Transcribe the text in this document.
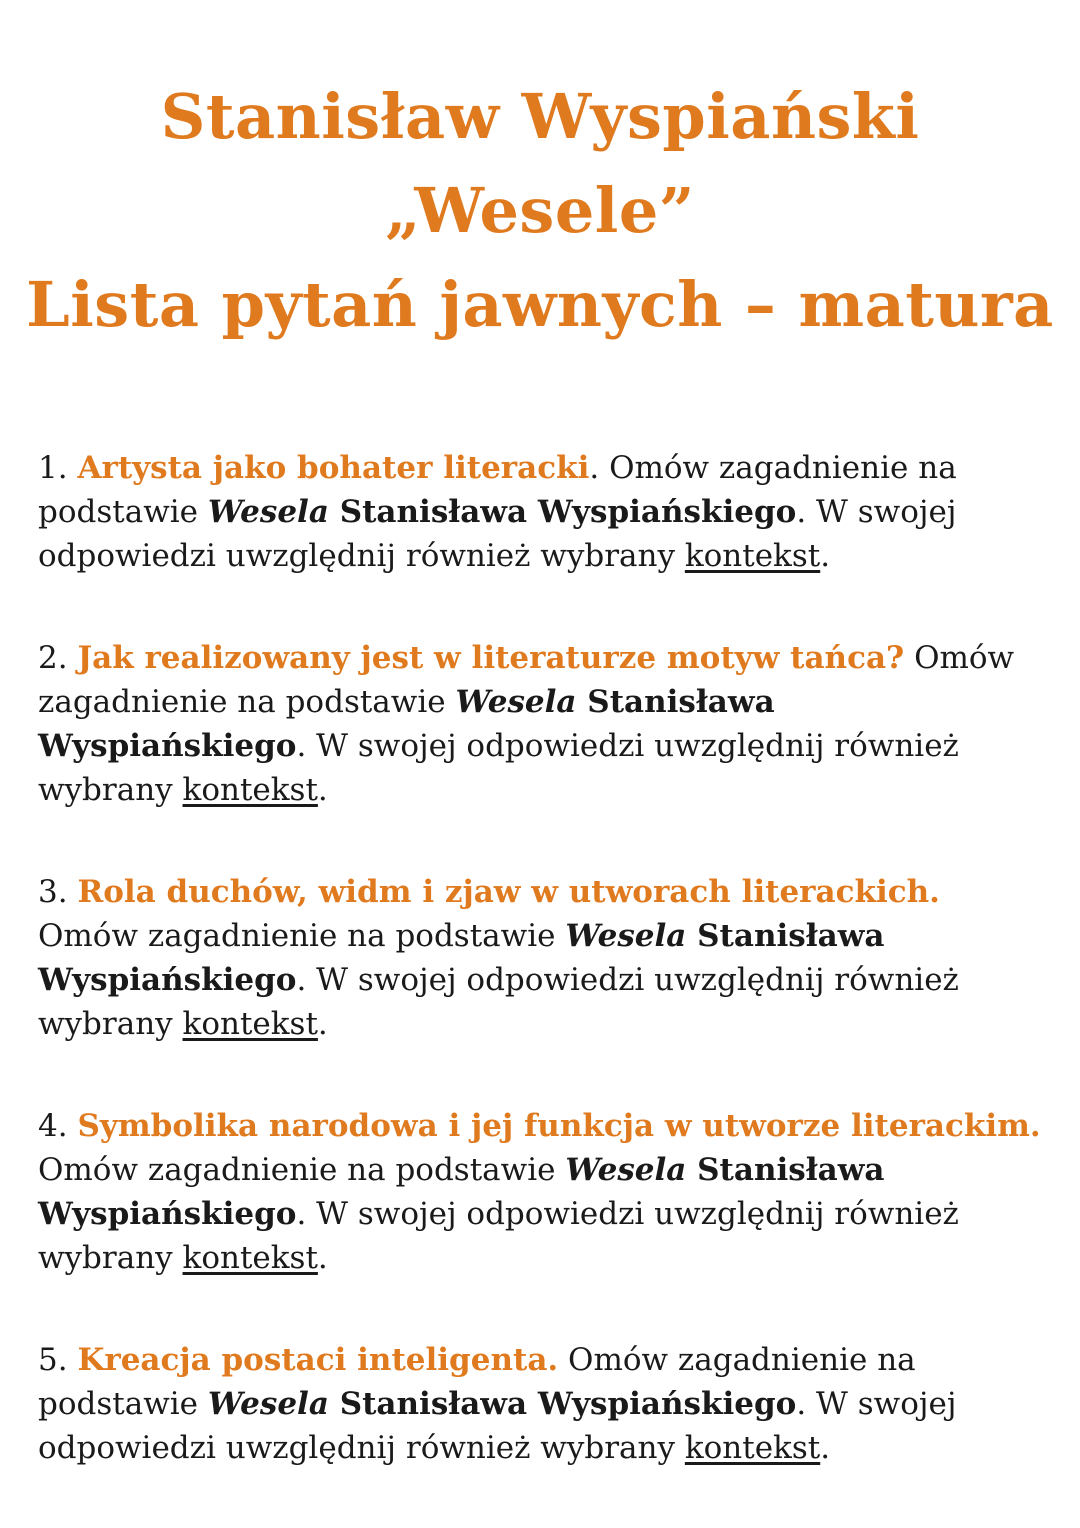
Stanisław Wyspiański
„Wesele”
Lista pytań jawnych – matura

1. Artysta jako bohater literacki. Omów zagadnienie na podstawie Wesela Stanisława Wyspiańskiego. W swojej odpowiedzi uwzględnij również wybrany kontekst.

2. Jak realizowany jest w literaturze motyw tańca? Omów zagadnienie na podstawie Wesela Stanisława Wyspiańskiego. W swojej odpowiedzi uwzględnij również wybrany kontekst.

3. Rola duchów, widm i zjaw w utworach literackich. Omów zagadnienie na podstawie Wesela Stanisława Wyspiańskiego. W swojej odpowiedzi uwzględnij również wybrany kontekst.

4. Symbolika narodowa i jej funkcja w utworze literackim. Omów zagadnienie na podstawie Wesela Stanisława Wyspiańskiego. W swojej odpowiedzi uwzględnij również wybrany kontekst.

5. Kreacja postaci inteligenta. Omów zagadnienie na podstawie Wesela Stanisława Wyspiańskiego. W swojej odpowiedzi uwzględnij również wybrany kontekst.
